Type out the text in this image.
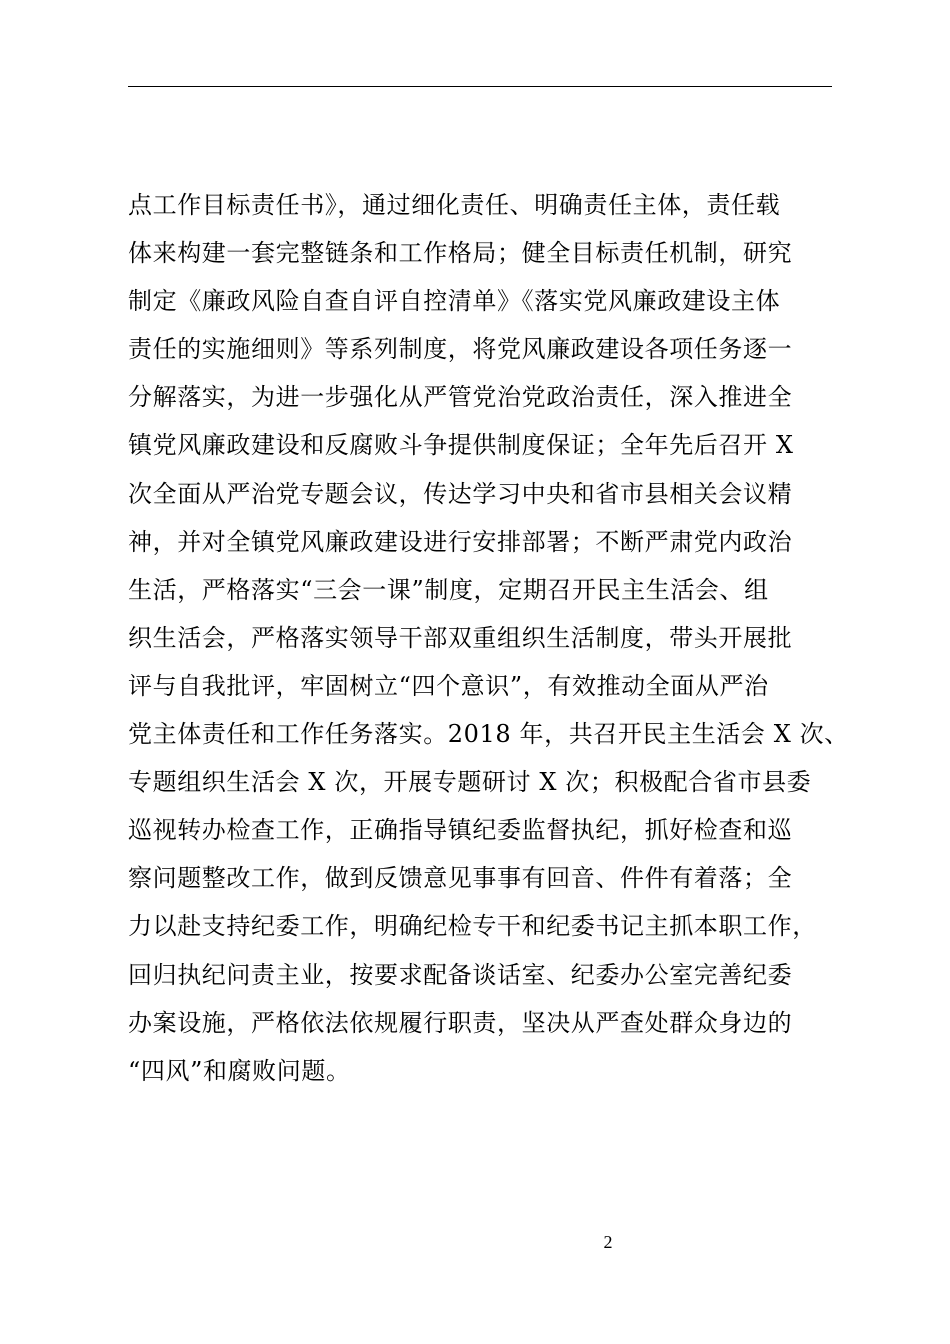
点工作目标责任书》，通过细化责任、明确责任主体，责任载
体来构建一套完整链条和工作格局；健全目标责任机制，研究
制定《廉政风险自查自评自控清单》《落实党风廉政建设主体
责任的实施细则》等系列制度，将党风廉政建设各项任务逐一
分解落实，为进一步强化从严管党治党政治责任，深入推进全
镇党风廉政建设和反腐败斗争提供制度保证；全年先后召开 X
次全面从严治党专题会议，传达学习中央和省市县相关会议精
神，并对全镇党风廉政建设进行安排部署；不断严肃党内政治
生活，严格落实“三会一课”制度，定期召开民主生活会、组
织生活会，严格落实领导干部双重组织生活制度，带头开展批
评与自我批评，牢固树立“四个意识”，有效推动全面从严治
党主体责任和工作任务落实。2018 年，共召开民主生活会 X 次、
专题组织生活会 X 次，开展专题研讨 X 次；积极配合省市县委
巡视转办检查工作，正确指导镇纪委监督执纪，抓好检查和巡
察问题整改工作，做到反馈意见事事有回音、件件有着落；全
力以赴支持纪委工作，明确纪检专干和纪委书记主抓本职工作，
回归执纪问责主业，按要求配备谈话室、纪委办公室完善纪委
办案设施，严格依法依规履行职责，坚决从严查处群众身边的
“四风”和腐败问题。
2
